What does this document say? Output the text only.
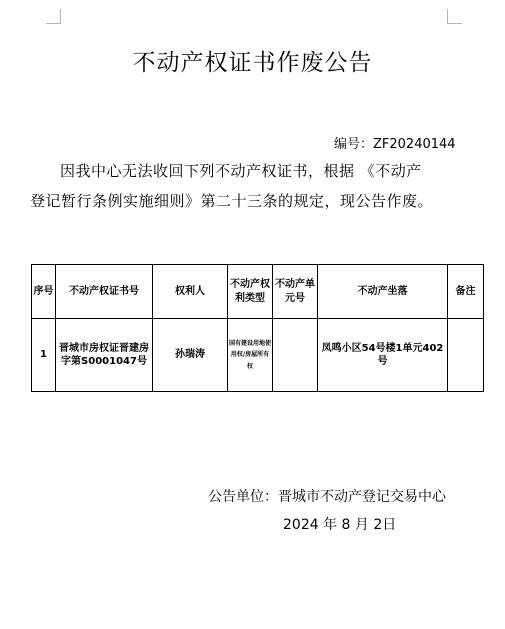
不动产权证书作废公告
编号：ZF20240144
因我中心无法收回下列不动产权证书，根据 《不动产
登记暂行条例实施细则》第二十三条的规定，现公告作废。
序号	不动产权证书号	权利人	不动产权利类型	不动产单元号	不动产坐落	备注
1	晋城市房权证晋建房字第S0001047号	孙瑞涛	国有建设用地使用权/房屋所有权		凤鸣小区54号楼1单元402号	
公告单位：晋城市不动产登记交易中心
2024 年 8 月 2日
